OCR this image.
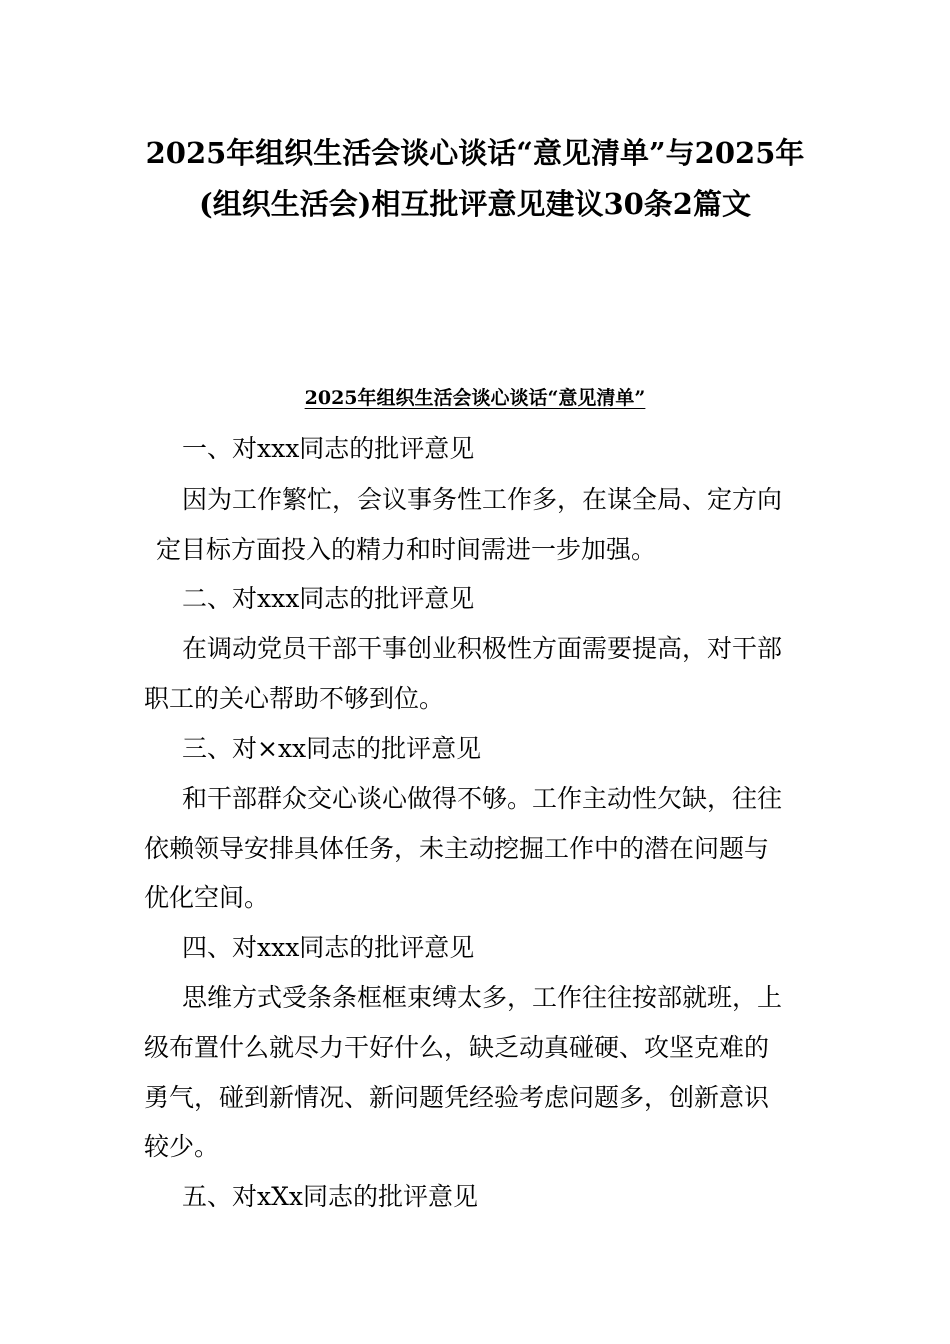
2025年组织生活会谈心谈话“意见清单”与2025年
(组织生活会)相互批评意见建议30条2篇文
2025年组织生活会谈心谈话“意见清单”
一、对xxx同志的批评意见
因为工作繁忙，会议事务性工作多，在谋全局、定方向
定目标方面投入的精力和时间需进一步加强。
二、对xxx同志的批评意见
在调动党员干部干事创业积极性方面需要提高，对干部
职工的关心帮助不够到位。
三、对×xx同志的批评意见
和干部群众交心谈心做得不够。工作主动性欠缺，往往
依赖领导安排具体任务，未主动挖掘工作中的潜在问题与
优化空间。
四、对xxx同志的批评意见
思维方式受条条框框束缚太多，工作往往按部就班，上
级布置什么就尽力干好什么，缺乏动真碰硬、攻坚克难的
勇气，碰到新情况、新问题凭经验考虑问题多，创新意识
较少。
五、对xXx同志的批评意见
